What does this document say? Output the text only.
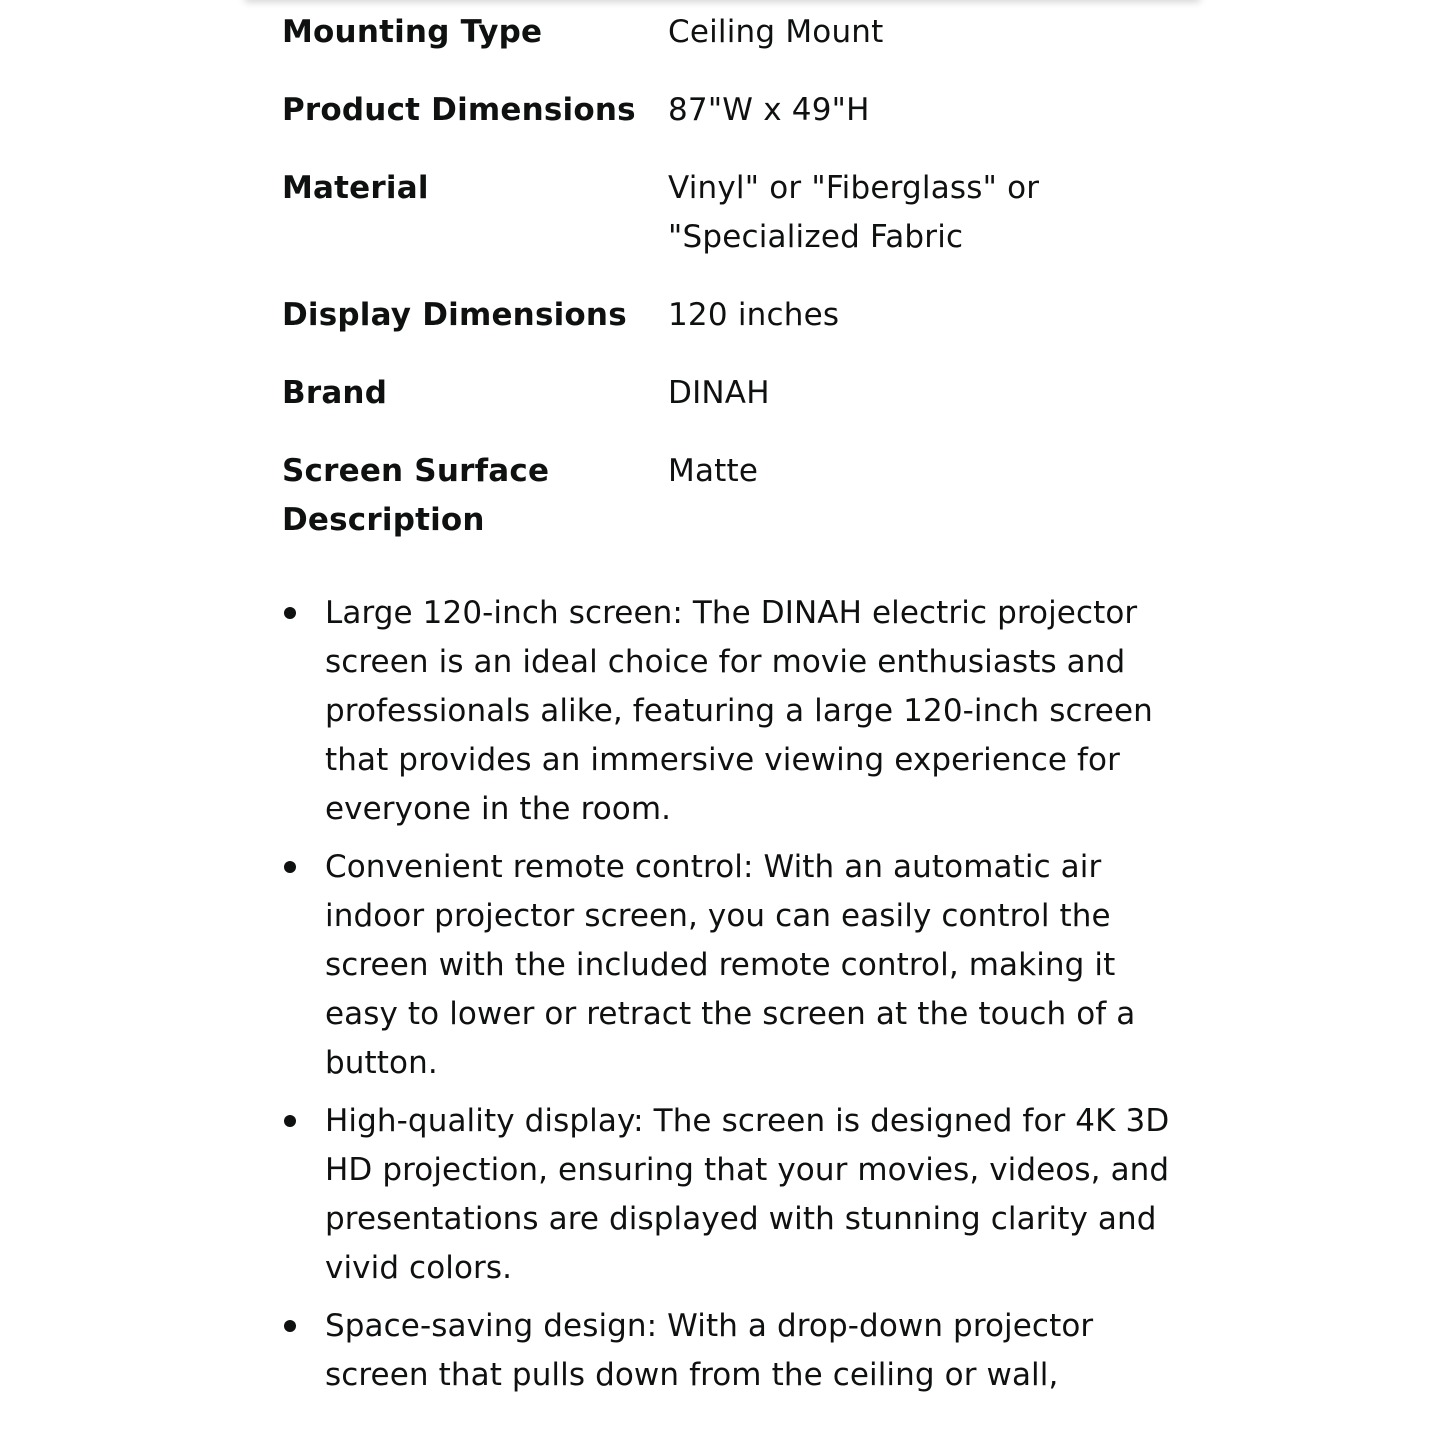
Mounting Type	Ceiling Mount
Product Dimensions	87"W x 49"H
Material	Vinyl" or "Fiberglass" or "Specialized Fabric
Display Dimensions	120 inches
Brand	DINAH
Screen Surface Description	Matte
Large 120-inch screen: The DINAH electric projector screen is an ideal choice for movie enthusiasts and professionals alike, featuring a large 120-inch screen that provides an immersive viewing experience for everyone in the room.
Convenient remote control: With an automatic air indoor projector screen, you can easily control the screen with the included remote control, making it easy to lower or retract the screen at the touch of a button.
High-quality display: The screen is designed for 4K 3D HD projection, ensuring that your movies, videos, and presentations are displayed with stunning clarity and vivid colors.
Space-saving design: With a drop-down projector screen that pulls down from the ceiling or wall,
